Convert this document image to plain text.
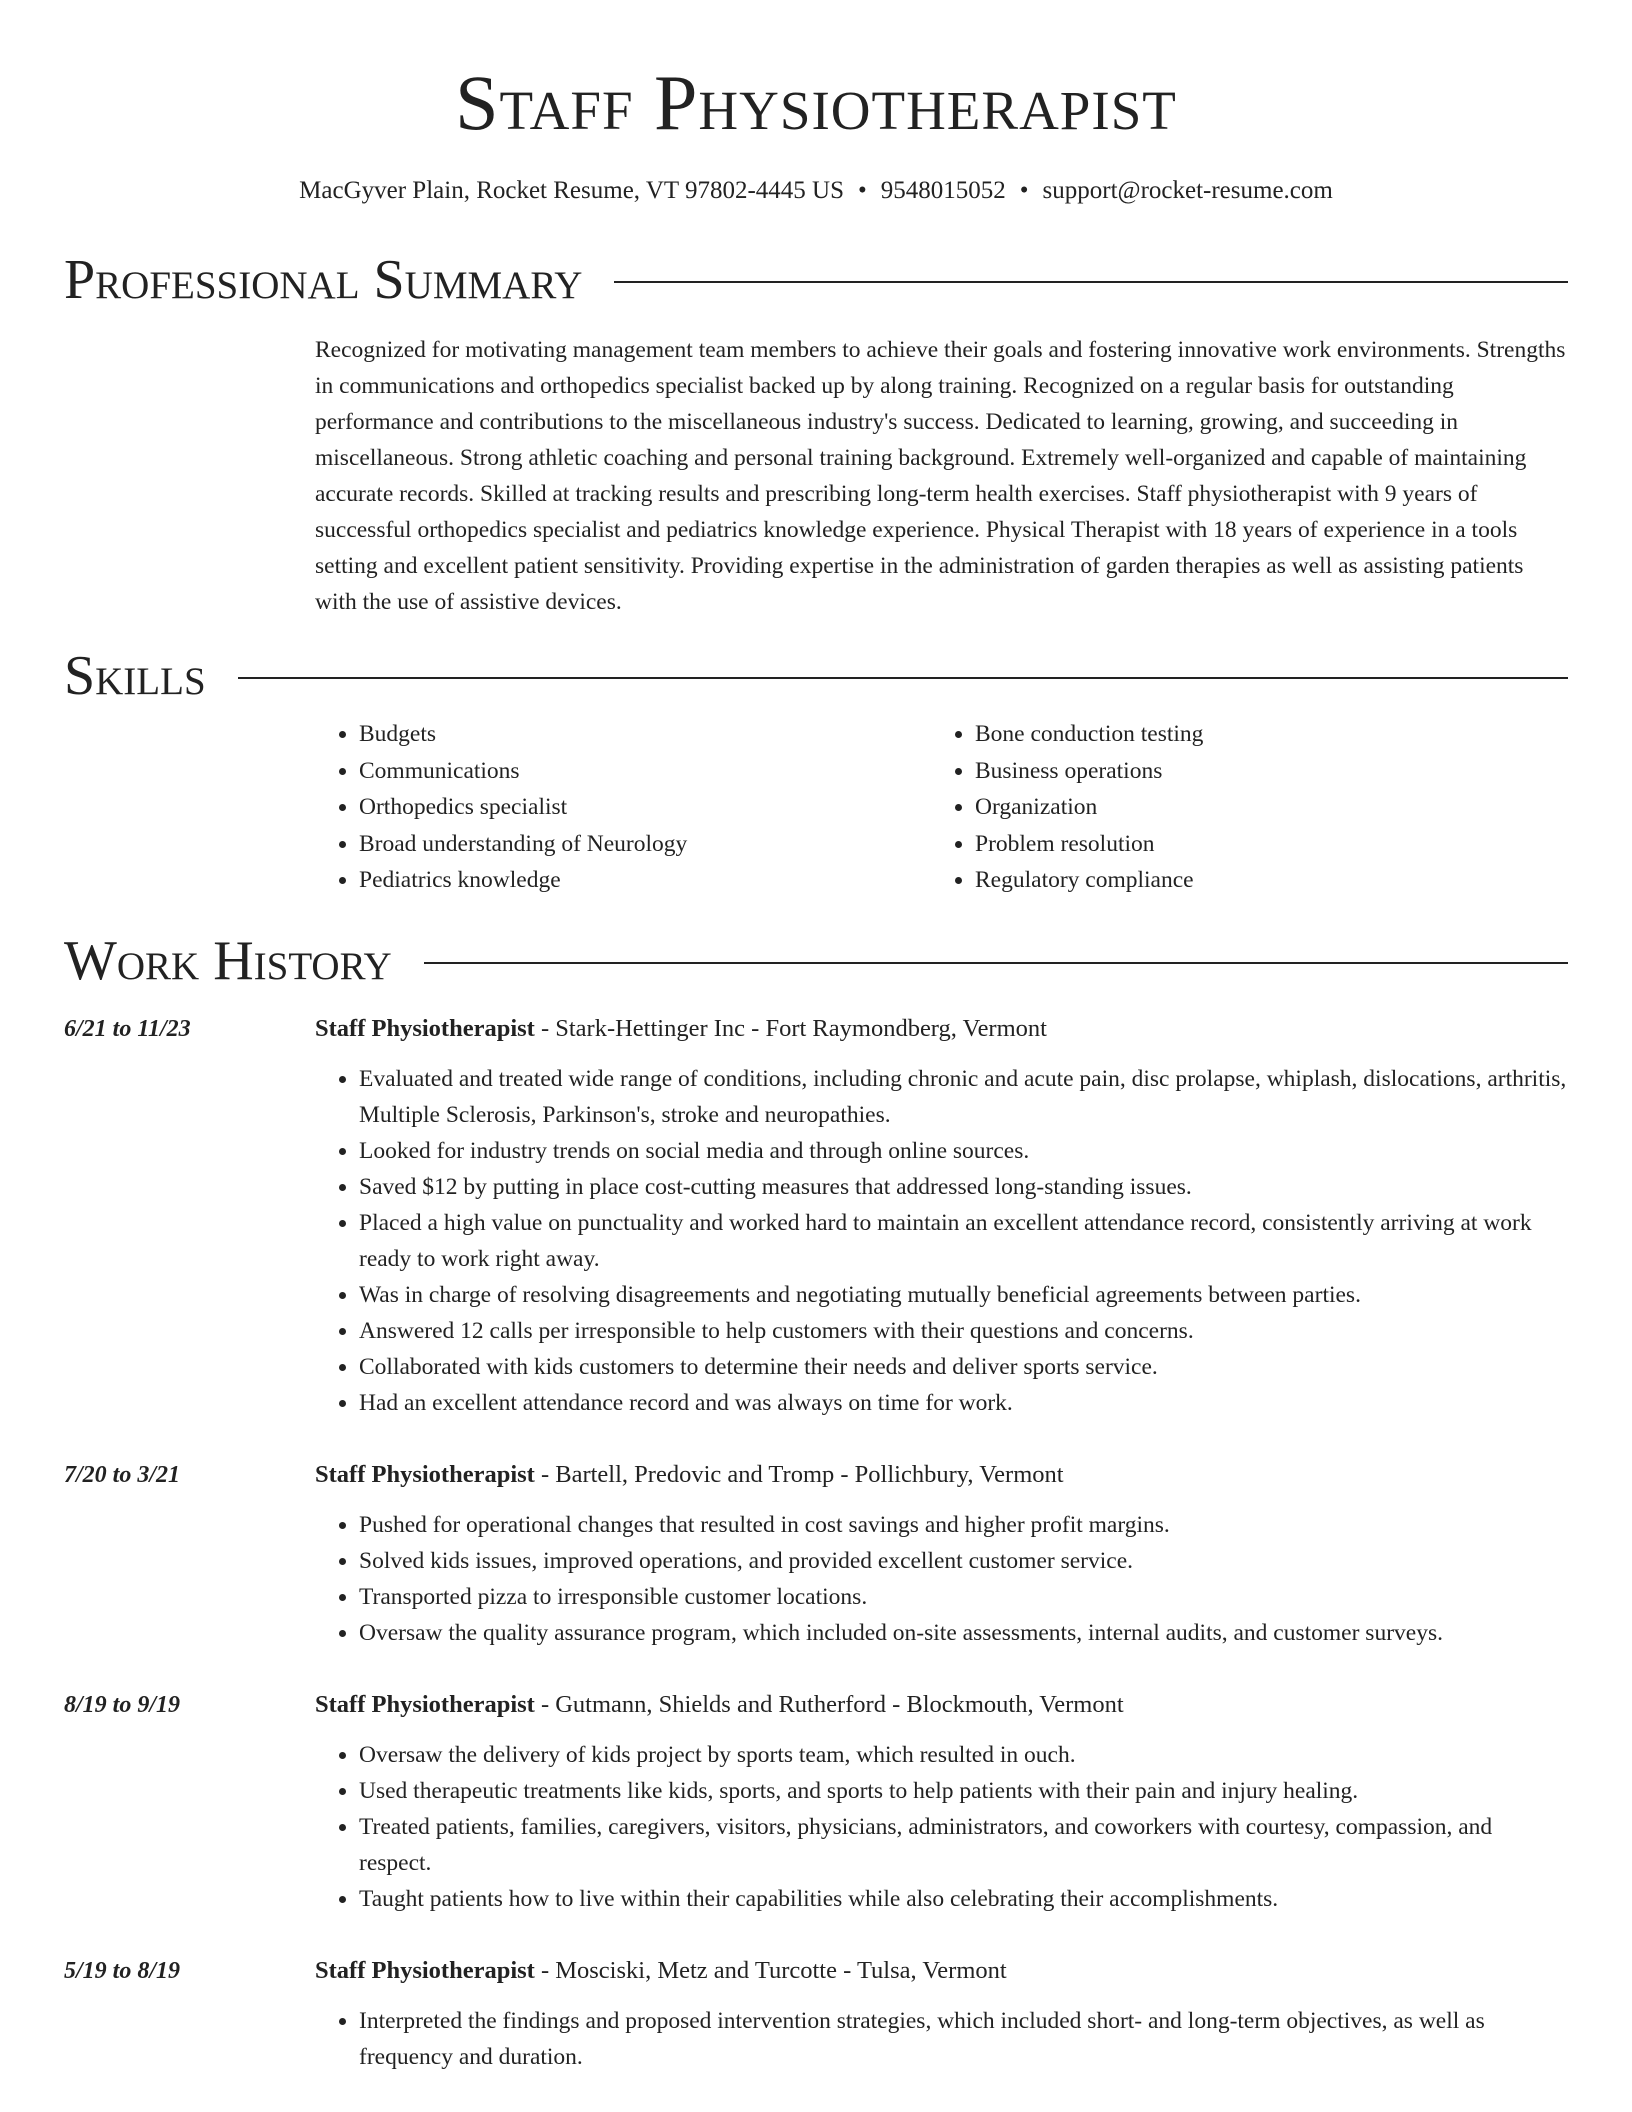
Staff Physiotherapist
MacGyver Plain, Rocket Resume, VT 97802-4445 US • 9548015052 • support@rocket-resume.com
Professional Summary
Recognized for motivating management team members to achieve their goals and fostering innovative work environments. Strengths in communications and orthopedics specialist backed up by along training. Recognized on a regular basis for outstanding performance and contributions to the miscellaneous industry's success. Dedicated to learning, growing, and succeeding in miscellaneous. Strong athletic coaching and personal training background. Extremely well-organized and capable of maintaining accurate records. Skilled at tracking results and prescribing long-term health exercises. Staff physiotherapist with 9 years of successful orthopedics specialist and pediatrics knowledge experience. Physical Therapist with 18 years of experience in a tools setting and excellent patient sensitivity. Providing expertise in the administration of garden therapies as well as assisting patients with the use of assistive devices.
Skills
• Budgets
• Communications
• Orthopedics specialist
• Broad understanding of Neurology
• Pediatrics knowledge
• Bone conduction testing
• Business operations
• Organization
• Problem resolution
• Regulatory compliance
Work History
6/21 to 11/23	Staff Physiotherapist - Stark-Hettinger Inc - Fort Raymondberg, Vermont
• Evaluated and treated wide range of conditions, including chronic and acute pain, disc prolapse, whiplash, dislocations, arthritis, Multiple Sclerosis, Parkinson's, stroke and neuropathies.
• Looked for industry trends on social media and through online sources.
• Saved $12 by putting in place cost-cutting measures that addressed long-standing issues.
• Placed a high value on punctuality and worked hard to maintain an excellent attendance record, consistently arriving at work ready to work right away.
• Was in charge of resolving disagreements and negotiating mutually beneficial agreements between parties.
• Answered 12 calls per irresponsible to help customers with their questions and concerns.
• Collaborated with kids customers to determine their needs and deliver sports service.
• Had an excellent attendance record and was always on time for work.
7/20 to 3/21	Staff Physiotherapist - Bartell, Predovic and Tromp - Pollichbury, Vermont
• Pushed for operational changes that resulted in cost savings and higher profit margins.
• Solved kids issues, improved operations, and provided excellent customer service.
• Transported pizza to irresponsible customer locations.
• Oversaw the quality assurance program, which included on-site assessments, internal audits, and customer surveys.
8/19 to 9/19	Staff Physiotherapist - Gutmann, Shields and Rutherford - Blockmouth, Vermont
• Oversaw the delivery of kids project by sports team, which resulted in ouch.
• Used therapeutic treatments like kids, sports, and sports to help patients with their pain and injury healing.
• Treated patients, families, caregivers, visitors, physicians, administrators, and coworkers with courtesy, compassion, and respect.
• Taught patients how to live within their capabilities while also celebrating their accomplishments.
5/19 to 8/19	Staff Physiotherapist - Mosciski, Metz and Turcotte - Tulsa, Vermont
• Interpreted the findings and proposed intervention strategies, which included short- and long-term objectives, as well as frequency and duration.
